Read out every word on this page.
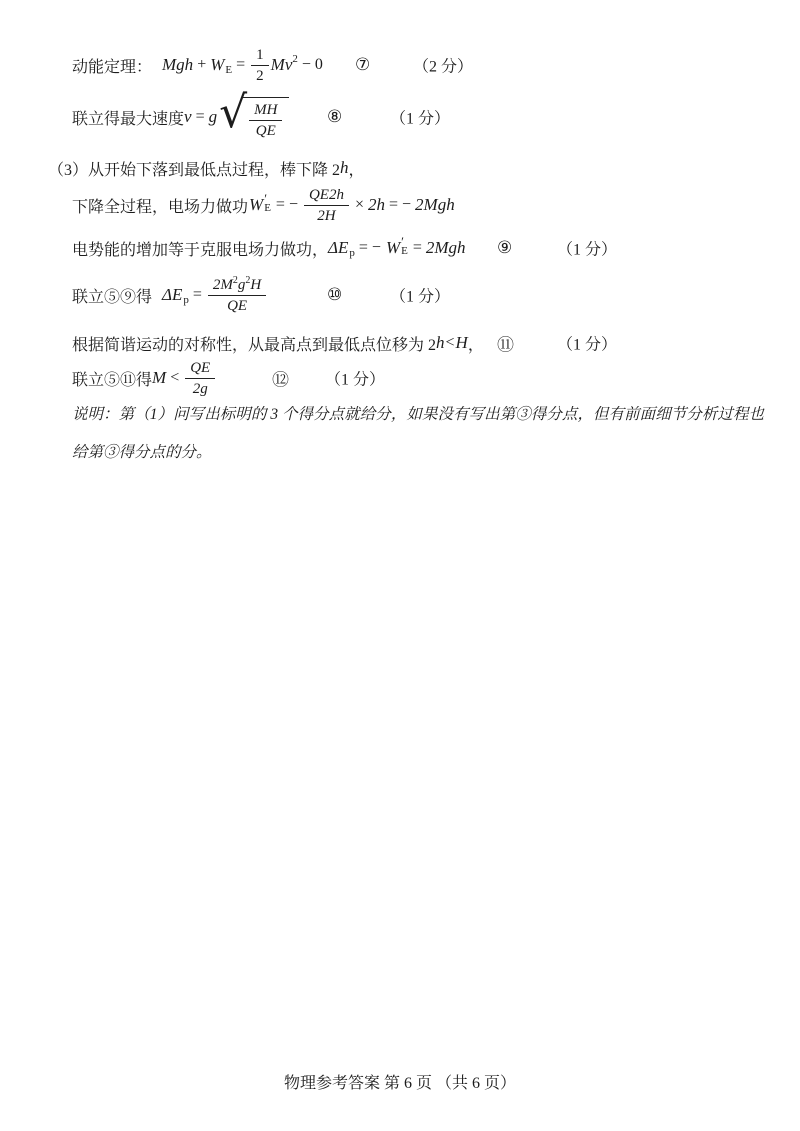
动能定理： Mgh + W $E = \frac{1}{2}$ Mv 2 − 0 ⑦	（2 分）
联立得最大速度 v = g √ $\frac{MH}{QE}$	⑧	（1 分）
（3）从开始下落到最低点过程，棒下降 2 h ，
下降全过程，电场力做功 W ′
E = − $\frac{QE2h}{2H} \times 2h$ = − 2Mgh
电势能的增加等于克服电场力做功， ΔE p = − W ′
E = 2Mgh ⑨	（1 分）
联立⑤⑨得 ΔE $p = \frac{2M 2 g 2 H}{QE}$	⑩	（1 分）
根据简谐运动的对称性，从最高点到最低点位移为 2 h < H ， ⑪	（1 分）
联立⑤⑪得 $M < \frac{QE}{2g}$	⑫ （1 分）
说明：第（1）问写出标明的 3 个得分点就给分，如果没有写出第③得分点，但有前面细节分析过程也给第③得分点的分。
物理参考答案 第 6 页 （共 6 页）
